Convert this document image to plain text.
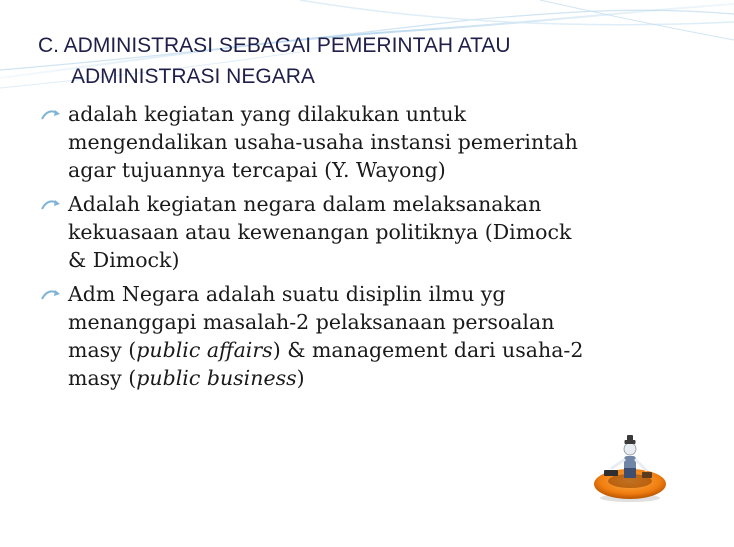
C. ADMINISTRASI SEBAGAI PEMERINTAH ATAU
ADMINISTRASI NEGARA
adalah kegiatan yang dilakukan untuk
mengendalikan usaha-usaha instansi pemerintah
agar tujuannya tercapai (Y. Wayong)
Adalah kegiatan negara dalam melaksanakan
kekuasaan atau kewenangan politiknya (Dimock
& Dimock)
Adm Negara adalah suatu disiplin ilmu yg
menanggapi masalah-2 pelaksanaan persoalan
masy (public affairs) & management dari usaha-2
masy (public business)
